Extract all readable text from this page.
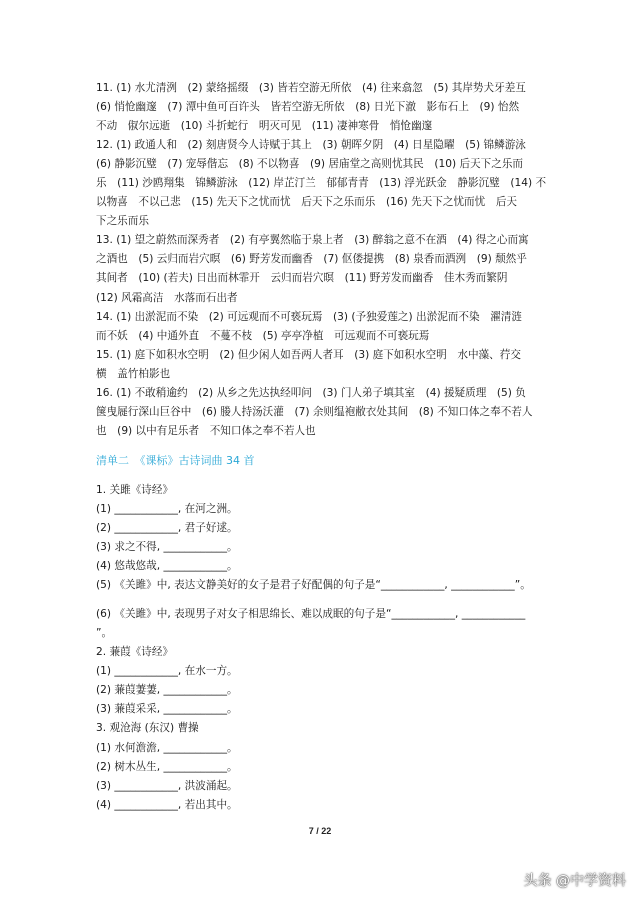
11. (1) 水尤清洌　(2) 蒙络摇缀　(3) 皆若空游无所依　(4) 往来翕忽　(5) 其岸势犬牙差互
(6) 悄怆幽邃　(7) 潭中鱼可百许头　皆若空游无所依　(8) 日光下澈　影布石上　(9) 怡然
不动　俶尔远逝　(10) 斗折蛇行　明灭可见　(11) 凄神寒骨　悄怆幽邃
12. (1) 政通人和　(2) 刻唐贤今人诗赋于其上　(3) 朝晖夕阴　(4) 日星隐曜　(5) 锦鳞游泳
(6) 静影沉璧　(7) 宠辱偕忘　(8) 不以物喜　(9) 居庙堂之高则忧其民　(10) 后天下之乐而
乐　(11) 沙鸥翔集　锦鳞游泳　(12) 岸芷汀兰　郁郁青青　(13) 浮光跃金　静影沉璧　(14) 不
以物喜　不以己悲　(15) 先天下之忧而忧　后天下之乐而乐　(16) 先天下之忧而忧　后天
下之乐而乐
13. (1) 望之蔚然而深秀者　(2) 有亭翼然临于泉上者　(3) 醉翁之意不在酒　(4) 得之心而寓
之酒也　(5) 云归而岩穴暝　(6) 野芳发而幽香　(7) 伛偻提携　(8) 泉香而酒洌　(9) 颓然乎
其间者　(10) (若夫) 日出而林霏开　云归而岩穴暝　(11) 野芳发而幽香　佳木秀而繁阴
(12) 风霜高洁　水落而石出者
14. (1) 出淤泥而不染　(2) 可远观而不可亵玩焉　(3) (予独爱莲之) 出淤泥而不染　濯清涟
而不妖　(4) 中通外直　不蔓不枝　(5) 亭亭净植　可远观而不可亵玩焉
15. (1) 庭下如积水空明　(2) 但少闲人如吾两人者耳　(3) 庭下如积水空明　水中藻、荇交
横　盖竹柏影也
16. (1) 不敢稍逾约　(2) 从乡之先达执经叩问　(3) 门人弟子填其室　(4) 援疑质理　(5) 负
箧曳屣行深山巨谷中　(6) 媵人持汤沃灌　(7) 余则缊袍敝衣处其间　(8) 不知口体之奉不若人
也　(9) 以中有足乐者　不知口体之奉不若人也
清单二　《课标》古诗词曲 34 首
1. 关雎《诗经》
(1) ____________, 在河之洲。
(2) ____________, 君子好逑。
(3) 求之不得, ____________。
(4) 悠哉悠哉, ____________。
(5) 《关雎》中, 表达文静美好的女子是君子好配偶的句子是“____________, ____________”。
(6) 《关雎》中, 表现男子对女子相思绵长、难以成眠的句子是“____________, ____________
”。
2. 蒹葭《诗经》
(1) ____________, 在水一方。
(2) 蒹葭萋萋, ____________。
(3) 蒹葭采采, ____________。
3. 观沧海 (东汉) 曹操
(1) 水何澹澹, ____________。
(2) 树木丛生, ____________。
(3) ____________, 洪波涌起。
(4) ____________, 若出其中。
7 / 22
头条 @中学资料
